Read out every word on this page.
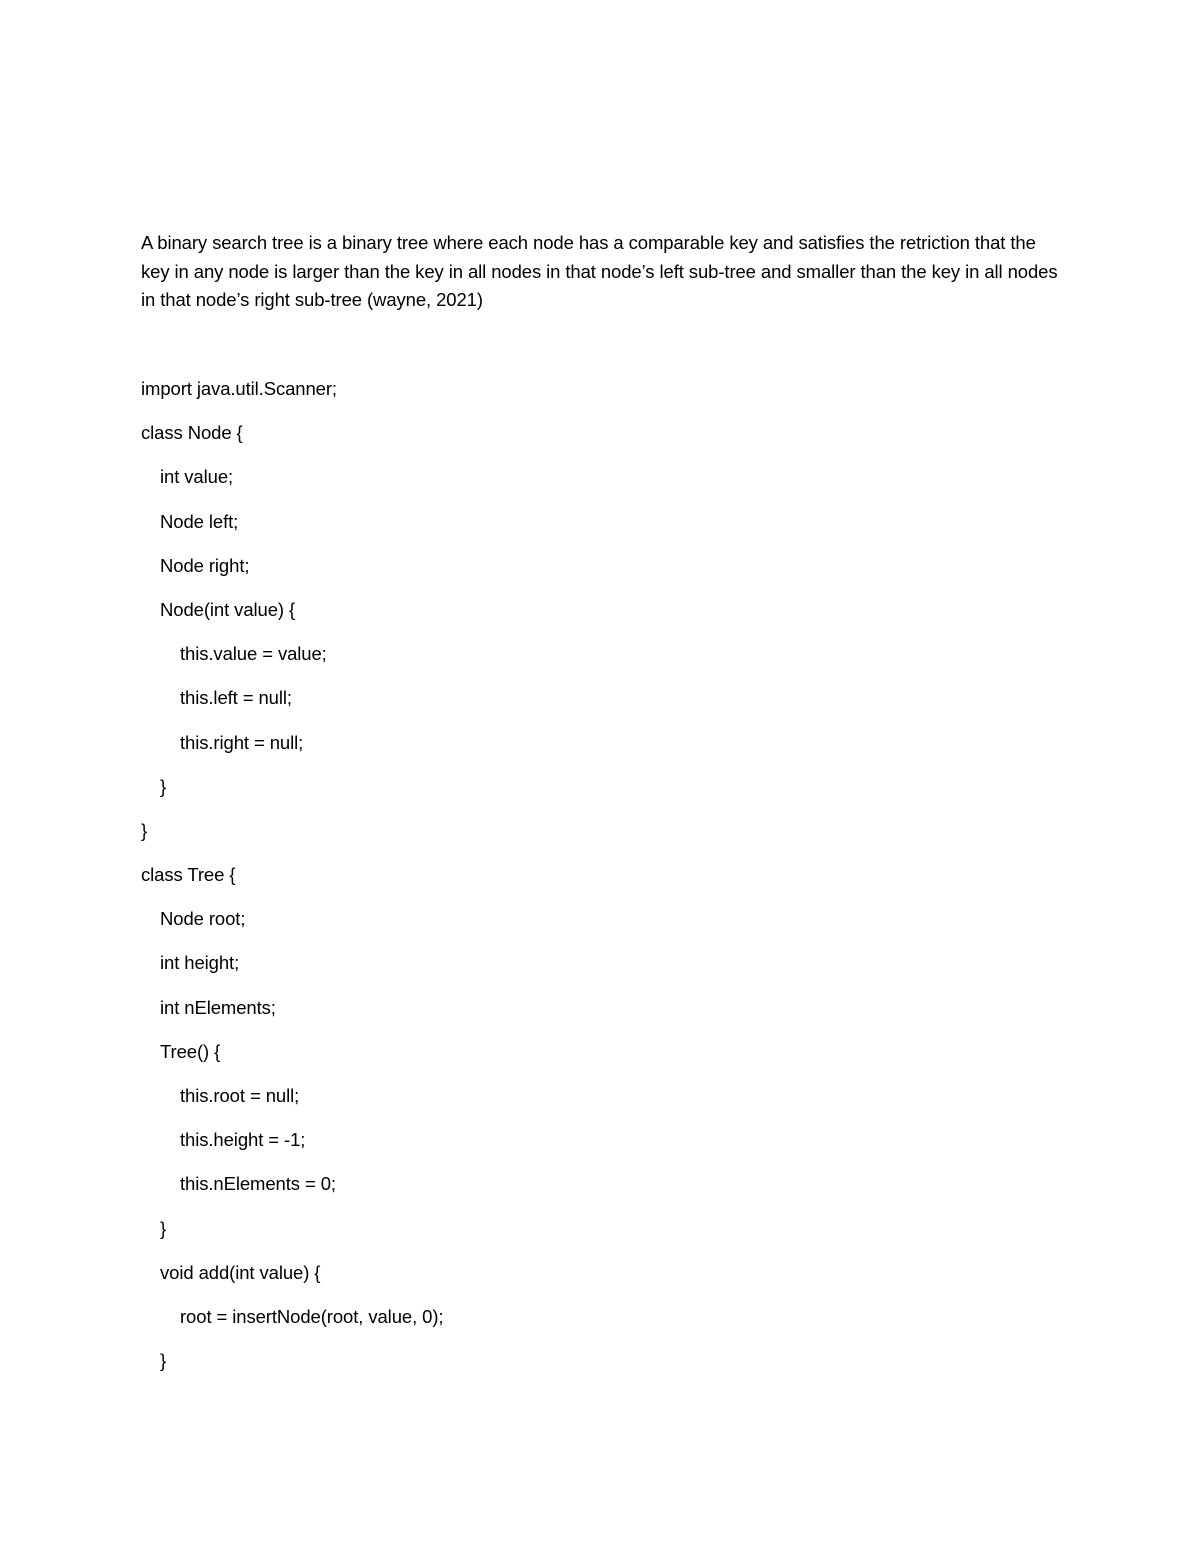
A binary search tree is a binary tree where each node has a comparable key and satisfies the retriction that the key in any node is larger than the key in all nodes in that node’s left sub-tree and smaller than the key in all nodes in that node’s right sub-tree (wayne, 2021)

import java.util.Scanner;
class Node {
int value;
Node left;
Node right;
Node(int value) {
this.value = value;
this.left = null;
this.right = null;
}
}
class Tree {
Node root;
int height;
int nElements;
Tree() {
this.root = null;
this.height = -1;
this.nElements = 0;
}
void add(int value) {
root = insertNode(root, value, 0);
}
